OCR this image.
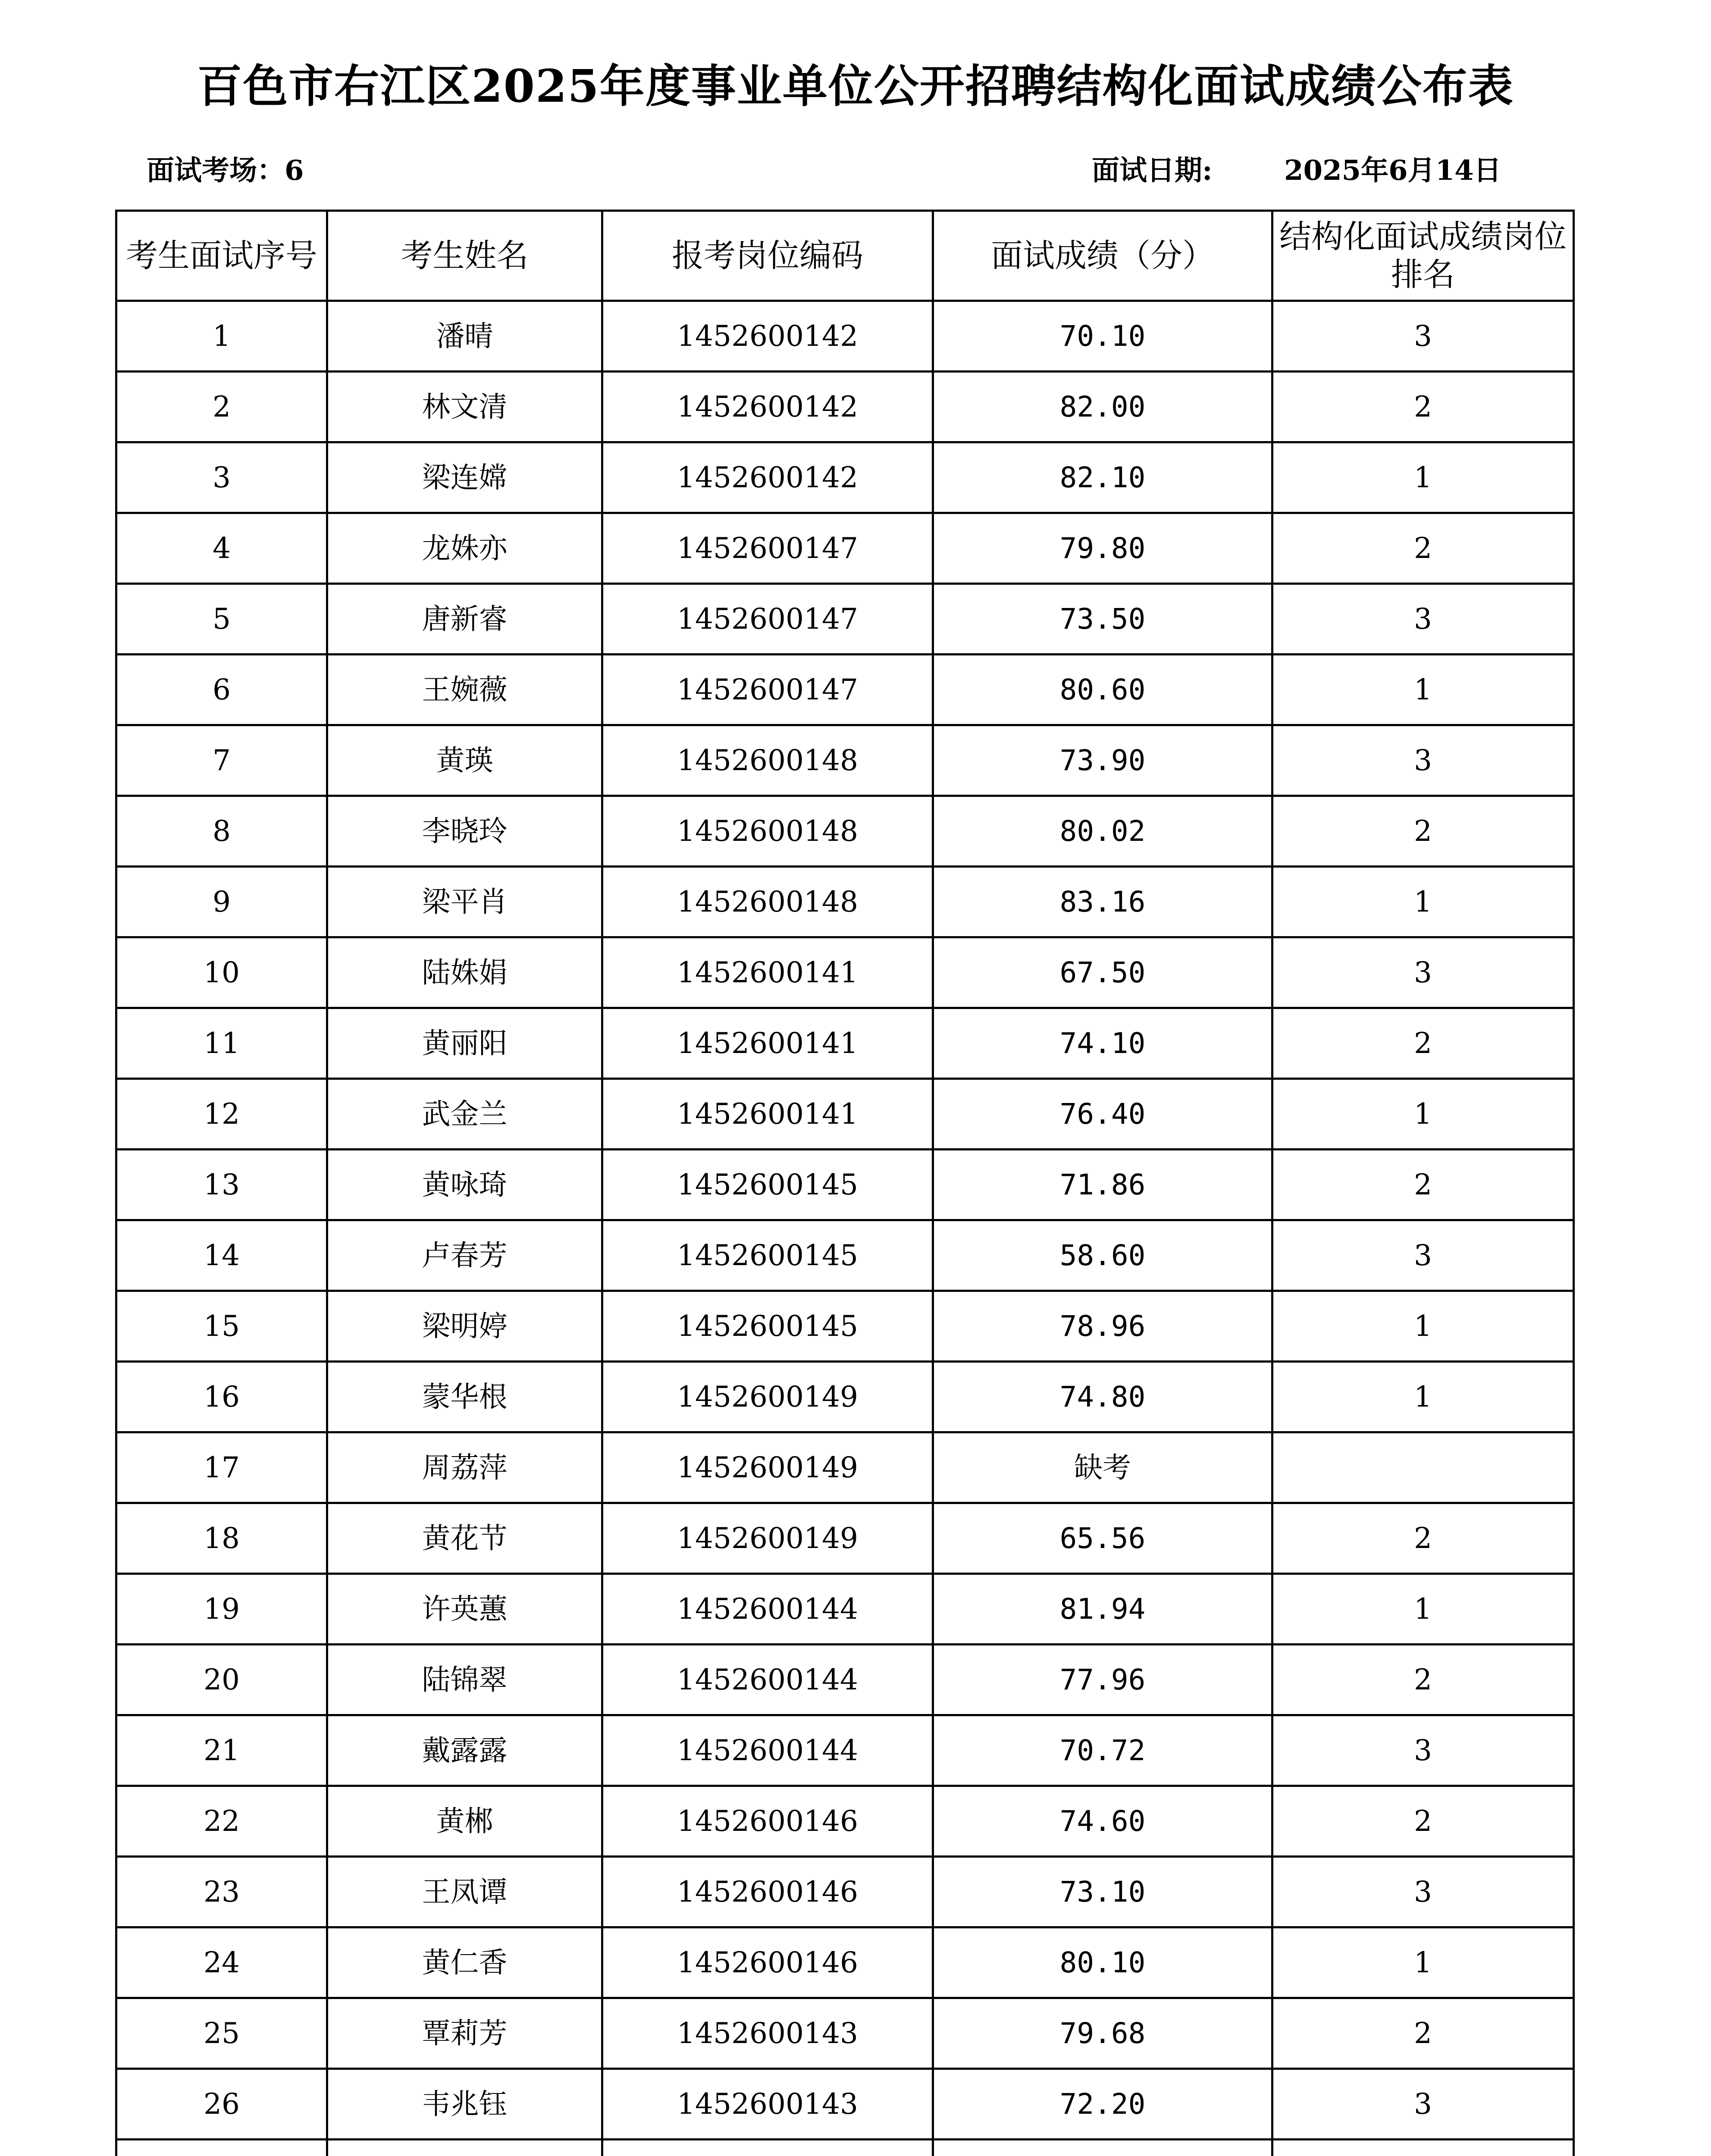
百色市右江区2025年度事业单位公开招聘结构化面试成绩公布表
面试考场：6	面试日期:	2025年6月14日
考生面试序号	考生姓名	报考岗位编码	面试成绩（分）	结构化面试成绩岗位排名
1	潘晴	1452600142	70.10	3
2	林文清	1452600142	82.00	2
3	梁连嫦	1452600142	82.10	1
4	龙姝亦	1452600147	79.80	2
5	唐新睿	1452600147	73.50	3
6	王婉薇	1452600147	80.60	1
7	黄瑛	1452600148	73.90	3
8	李晓玲	1452600148	80.02	2
9	梁平肖	1452600148	83.16	1
10	陆姝娟	1452600141	67.50	3
11	黄丽阳	1452600141	74.10	2
12	武金兰	1452600141	76.40	1
13	黄咏琦	1452600145	71.86	2
14	卢春芳	1452600145	58.60	3
15	梁明婷	1452600145	78.96	1
16	蒙华根	1452600149	74.80	1
17	周荔萍	1452600149	缺考	
18	黄花节	1452600149	65.56	2
19	许英蕙	1452600144	81.94	1
20	陆锦翠	1452600144	77.96	2
21	戴露露	1452600144	70.72	3
22	黄郴	1452600146	74.60	2
23	王凤谭	1452600146	73.10	3
24	黄仁香	1452600146	80.10	1
25	覃莉芳	1452600143	79.68	2
26	韦兆钰	1452600143	72.20	3
